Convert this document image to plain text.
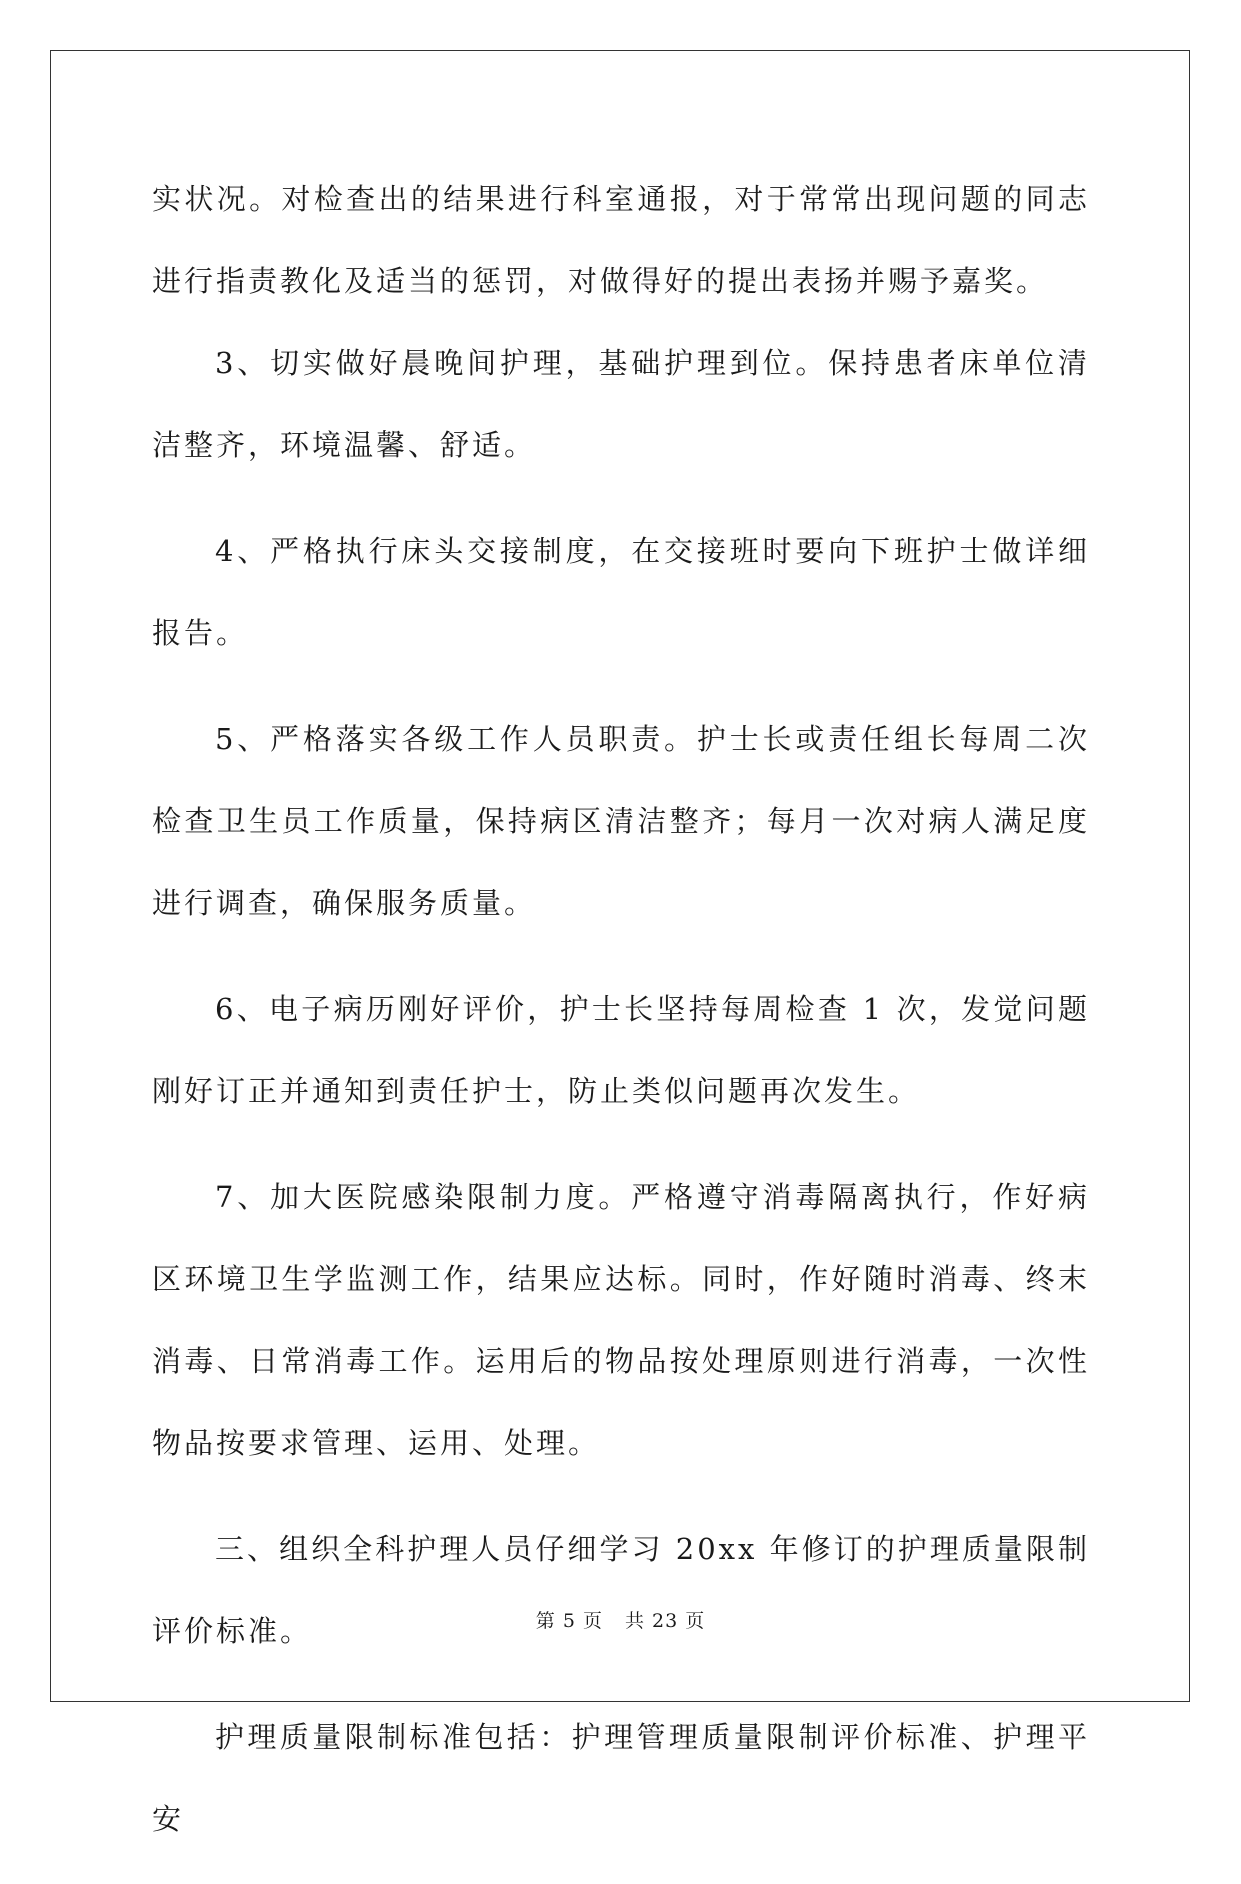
实状况。对检查出的结果进行科室通报，对于常常出现问题的同志进行指责教化及适当的惩罚，对做得好的提出表扬并赐予嘉奖。

3、切实做好晨晚间护理，基础护理到位。保持患者床单位清洁整齐，环境温馨、舒适。

4、严格执行床头交接制度，在交接班时要向下班护士做详细报告。

5、严格落实各级工作人员职责。护士长或责任组长每周二次检查卫生员工作质量，保持病区清洁整齐；每月一次对病人满足度进行调查，确保服务质量。

6、电子病历刚好评价，护士长坚持每周检查 1 次，发觉问题刚好订正并通知到责任护士，防止类似问题再次发生。

7、加大医院感染限制力度。严格遵守消毒隔离执行，作好病区环境卫生学监测工作，结果应达标。同时，作好随时消毒、终末消毒、日常消毒工作。运用后的物品按处理原则进行消毒，一次性物品按要求管理、运用、处理。

三、组织全科护理人员仔细学习 20xx 年修订的护理质量限制评价标准。

护理质量限制标准包括：护理管理质量限制评价标准、护理平安

第 5 页 共 23 页
